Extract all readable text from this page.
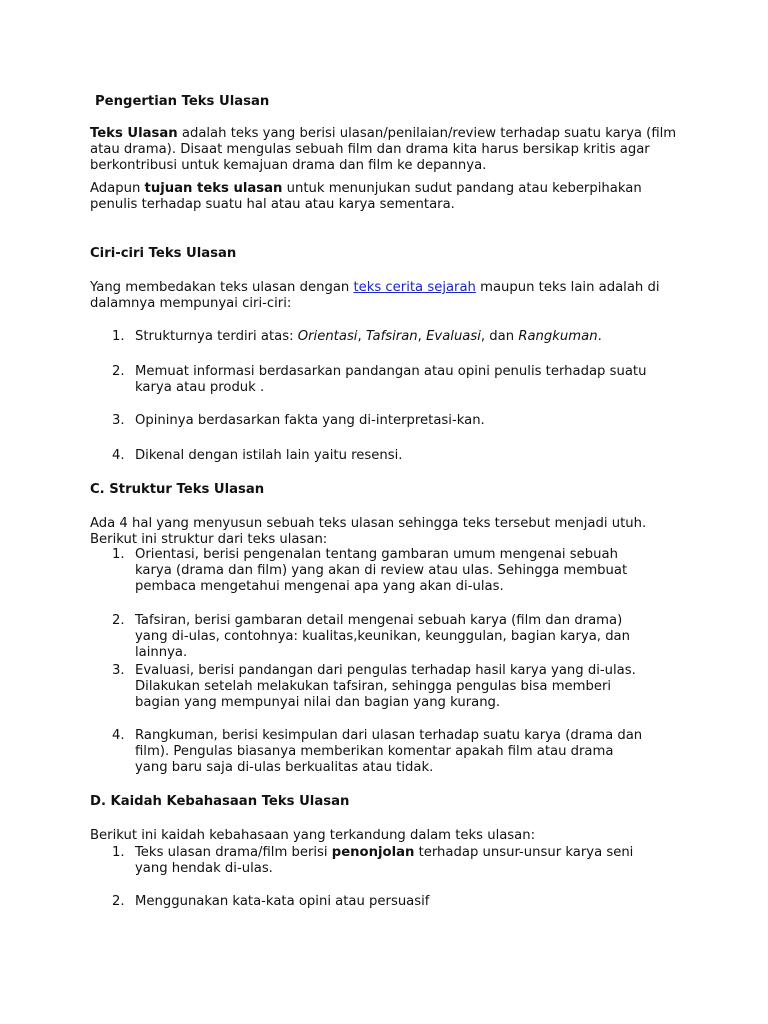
Pengertian Teks Ulasan

Teks Ulasan adalah teks yang berisi ulasan/penilaian/review terhadap suatu karya (film atau drama). Disaat mengulas sebuah film dan drama kita harus bersikap kritis agar berkontribusi untuk kemajuan drama dan film ke depannya.

Adapun tujuan teks ulasan untuk menunjukan sudut pandang atau keberpihakan penulis terhadap suatu hal atau atau karya sementara.

Ciri-ciri Teks Ulasan

Yang membedakan teks ulasan dengan teks cerita sejarah maupun teks lain adalah di dalamnya mempunyai ciri-ciri:

1. Strukturnya terdiri atas: Orientasi, Tafsiran, Evaluasi, dan Rangkuman.
2. Memuat informasi berdasarkan pandangan atau opini penulis terhadap suatu karya atau produk .
3. Opininya berdasarkan fakta yang di-interpretasi-kan.
4. Dikenal dengan istilah lain yaitu resensi.
C. Struktur Teks Ulasan

Ada 4 hal yang menyusun sebuah teks ulasan sehingga teks tersebut menjadi utuh. Berikut ini struktur dari teks ulasan:

1. Orientasi, berisi pengenalan tentang gambaran umum mengenai sebuah karya (drama dan film) yang akan di review atau ulas. Sehingga membuat pembaca mengetahui mengenai apa yang akan di-ulas.
2. Tafsiran, berisi gambaran detail mengenai sebuah karya (film dan drama) yang di-ulas, contohnya: kualitas,keunikan, keunggulan, bagian karya, dan lainnya.
3. Evaluasi, berisi pandangan dari pengulas terhadap hasil karya yang di-ulas. Dilakukan setelah melakukan tafsiran, sehingga pengulas bisa memberi bagian yang mempunyai nilai dan bagian yang kurang.
4. Rangkuman, berisi kesimpulan dari ulasan terhadap suatu karya (drama dan film). Pengulas biasanya memberikan komentar apakah film atau drama yang baru saja di-ulas berkualitas atau tidak.
D. Kaidah Kebahasaan Teks Ulasan

Berikut ini kaidah kebahasaan yang terkandung dalam teks ulasan:

1. Teks ulasan drama/film berisi penonjolan terhadap unsur-unsur karya seni yang hendak di-ulas.
2. Menggunakan kata-kata opini atau persuasif
